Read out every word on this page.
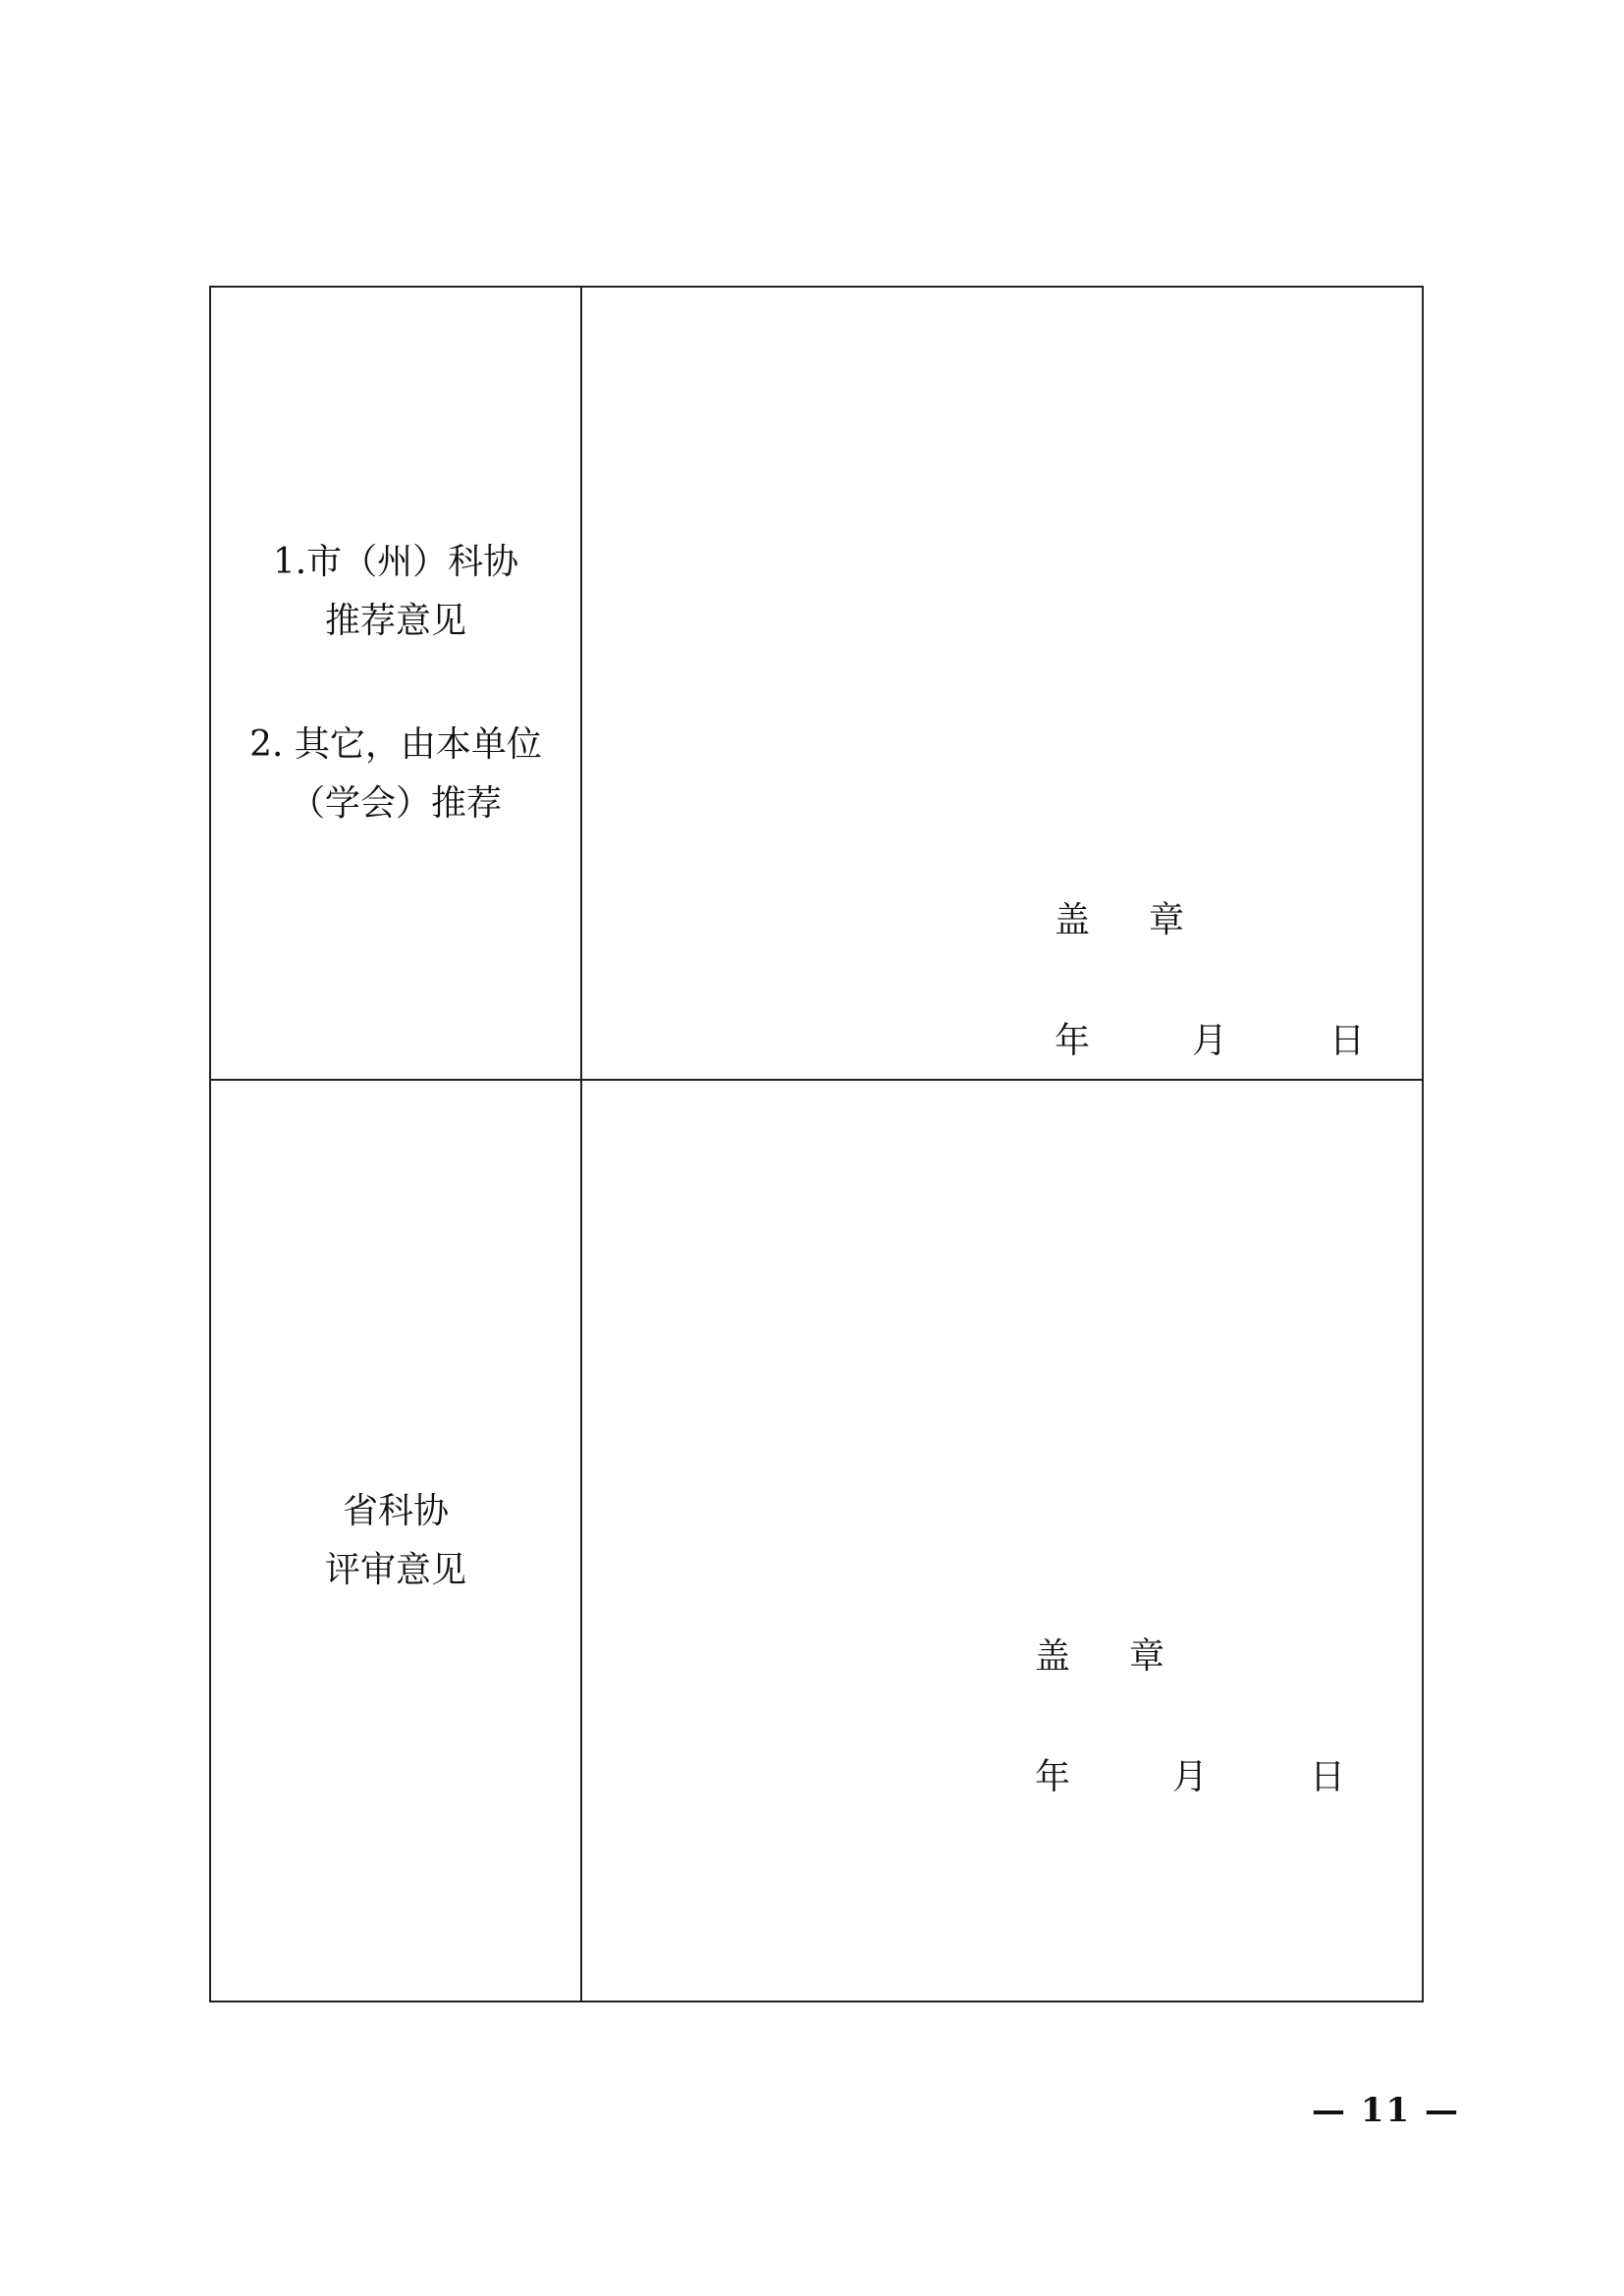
1.市（州）科协
推荐意见
2. 其它，由本单位
（学会）推荐
盖 章
年	月	日
省科协
评审意见
盖 章
年	月	日
— 11 —
